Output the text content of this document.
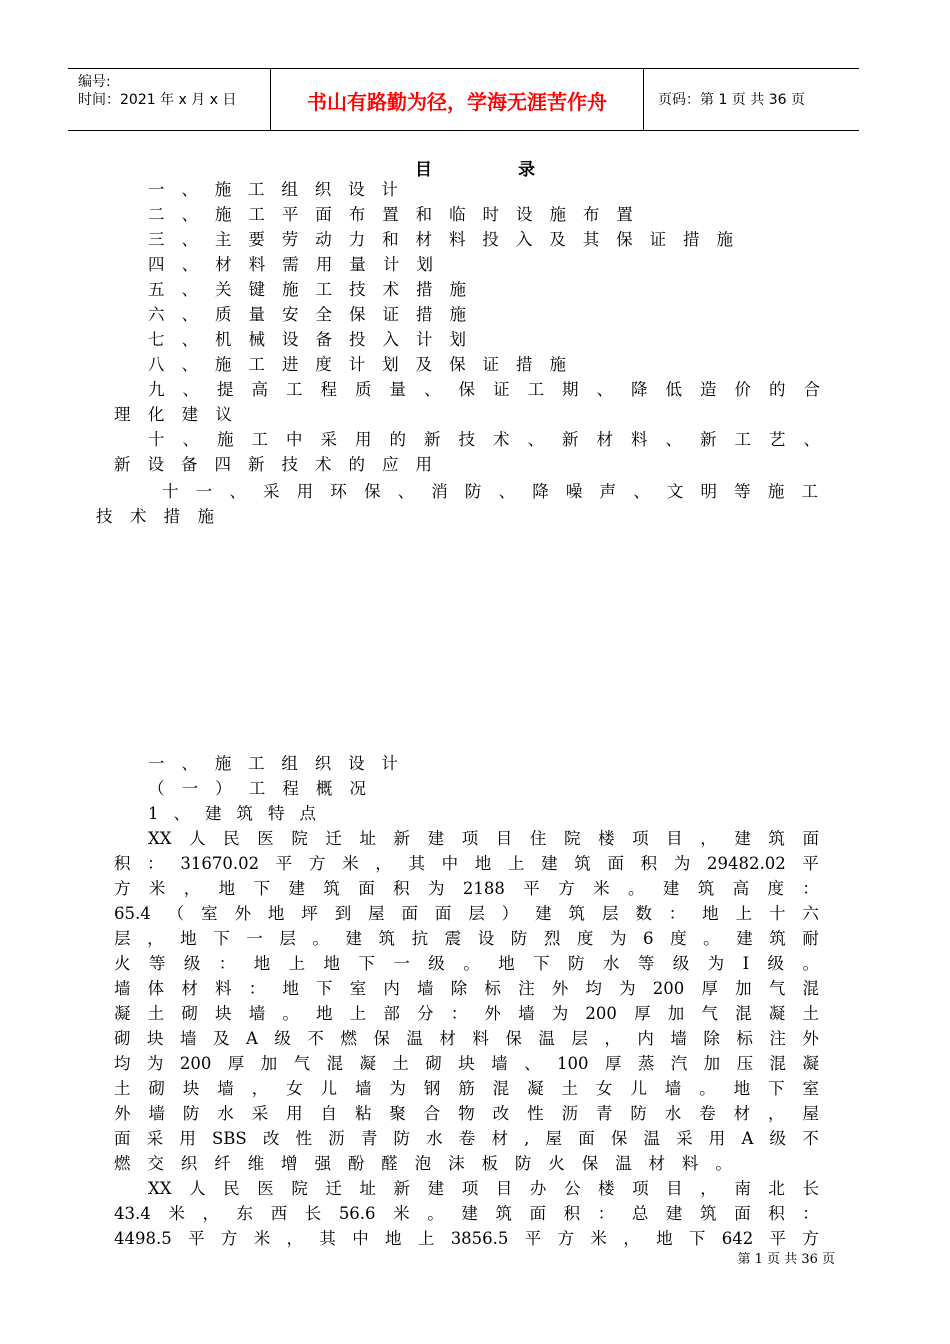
编号:
时间：2021 年 x 月 x 日	书山有路勤为径，学海无涯苦作舟	页码：第 1 页 共 36 页
目 录
一 、 施 工 组 织 设 计
二 、 施 工 平 面 布 置 和 临 时 设 施 布 置
三 、 主 要 劳 动 力 和 材 料 投 入 及 其 保 证 措 施
四 、 材 料 需 用 量 计 划
五 、 关 键 施 工 技 术 措 施
六 、 质 量 安 全 保 证 措 施
七 、 机 械 设 备 投 入 计 划
八 、 施 工 进 度 计 划 及 保 证 措 施
九 、 提 高 工 程 质 量 、 保 证 工 期 、 降 低 造 价 的 合
理 化 建 议
十 、 施 工 中 采 用 的 新 技 术 、 新 材 料 、 新 工 艺 、
新 设 备 四 新 技 术 的 应 用
十 一 、 采 用 环 保 、 消 防 、 降 噪 声 、 文 明 等 施 工
技 术 措 施
一 、 施 工 组 织 设 计
（ 一 ） 工 程 概 况
1 、 建 筑 特 点
XX 人 民 医 院 迁 址 新 建 项 目 住 院 楼 项 目 ， 建 筑 面
积 ： 31670.02 平 方 米 ， 其 中 地 上 建 筑 面 积 为 29482.02 平
方 米 ， 地 下 建 筑 面 积 为 2188 平 方 米 。 建 筑 高 度 ：
65.4 （ 室 外 地 坪 到 屋 面 面 层 ） 建 筑 层 数 ： 地 上 十 六
层 ， 地 下 一 层 。 建 筑 抗 震 设 防 烈 度 为 6 度 。 建 筑 耐
火 等 级 ： 地 上 地 下 一 级 。 地 下 防 水 等 级 为 Ⅰ 级 。
墙 体 材 料 ： 地 下 室 内 墙 除 标 注 外 均 为 200 厚 加 气 混
凝 土 砌 块 墙 。 地 上 部 分 ： 外 墙 为 200 厚 加 气 混 凝 土
砌 块 墙 及 A 级 不 燃 保 温 材 料 保 温 层 ， 内 墙 除 标 注 外
均 为 200 厚 加 气 混 凝 土 砌 块 墙 、 100 厚 蒸 汽 加 压 混 凝
土 砌 块 墙 ， 女 儿 墙 为 钢 筋 混 凝 土 女 儿 墙 。 地 下 室
外 墙 防 水 采 用 自 粘 聚 合 物 改 性 沥 青 防 水 卷 材 ， 屋
面 采 用 SBS 改 性 沥 青 防 水 卷 材 , 屋 面 保 温 采 用 A 级 不
燃 交 织 纤 维 增 强 酚 醛 泡 沫 板 防 火 保 温 材 料 。
XX 人 民 医 院 迁 址 新 建 项 目 办 公 楼 项 目 ， 南 北 长
43.4 米 ， 东 西 长 56.6 米 。 建 筑 面 积 ： 总 建 筑 面 积 ：
4498.5 平 方 米 ， 其 中 地 上 3856.5 平 方 米 ， 地 下 642 平 方
第 1 页 共 36 页
